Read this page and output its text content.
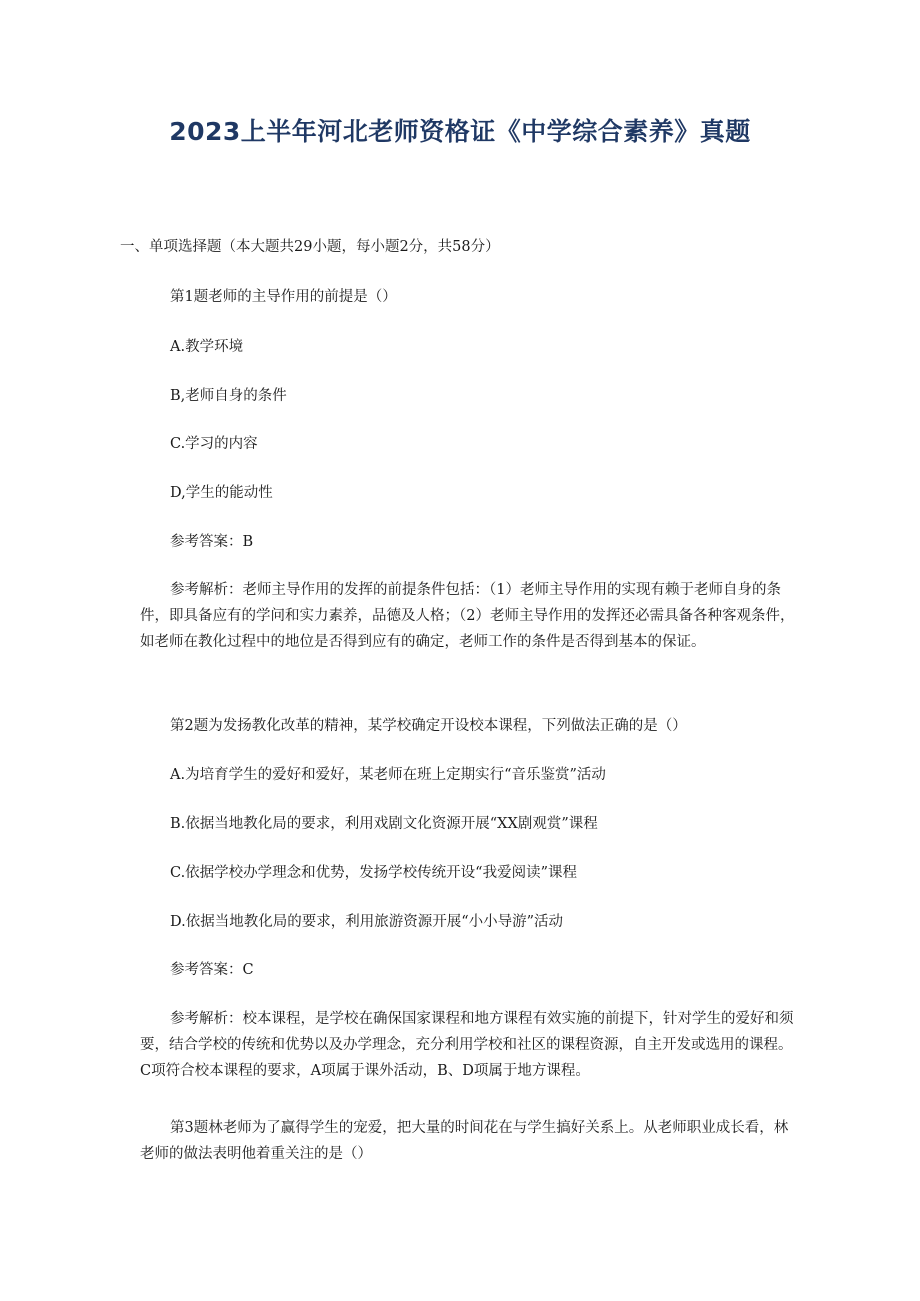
2023上半年河北老师资格证《中学综合素养》真题

一、单项选择题（本大题共29小题，每小题2分，共58分）

第1题老师的主导作用的前提是（）

A.教学环境

B,老师自身的条件

C.学习的内容

D,学生的能动性

参考答案：B

参考解析：老师主导作用的发挥的前提条件包括：（1）老师主导作用的实现有赖于老师自身的条件，即具备应有的学问和实力素养，品德及人格；（2）老师主导作用的发挥还必需具备各种客观条件，如老师在教化过程中的地位是否得到应有的确定，老师工作的条件是否得到基本的保证。

第2题为发扬教化改革的精神，某学校确定开设校本课程，下列做法正确的是（）

A.为培育学生的爱好和爱好，某老师在班上定期实行“音乐鉴赏”活动

B.依据当地教化局的要求，利用戏剧文化资源开展“XX剧观赏”课程

C.依据学校办学理念和优势，发扬学校传统开设“我爱阅读”课程

D.依据当地教化局的要求，利用旅游资源开展“小小导游”活动

参考答案：C

参考解析：校本课程，是学校在确保国家课程和地方课程有效实施的前提下，针对学生的爱好和须要，结合学校的传统和优势以及办学理念，充分利用学校和社区的课程资源，自主开发或选用的课程。C项符合校本课程的要求，A项属于课外活动，B、D项属于地方课程。

第3题林老师为了赢得学生的宠爱，把大量的时间花在与学生搞好关系上。从老师职业成长看，林老师的做法表明他着重关注的是（）
